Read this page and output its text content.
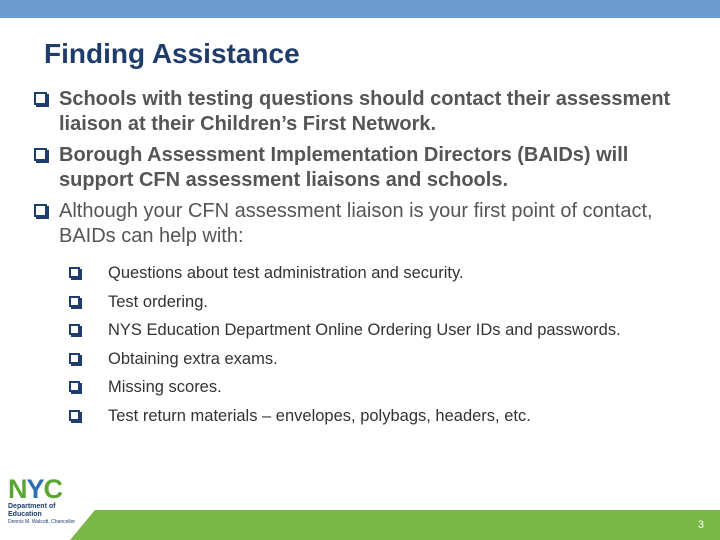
Finding Assistance
Schools with testing questions should contact their assessment liaison at their Children’s First Network.
Borough Assessment Implementation Directors (BAIDs) will support CFN assessment liaisons and schools.
Although your CFN assessment liaison is your first point of contact, BAIDs can help with:
Questions about test administration and security.
Test ordering.
NYS Education Department Online Ordering User IDs and passwords.
Obtaining extra exams.
Missing scores.
Test return materials – envelopes, polybags, headers, etc.
NYC
Department of
Education
Dennis M. Walcott, Chancellor	3
